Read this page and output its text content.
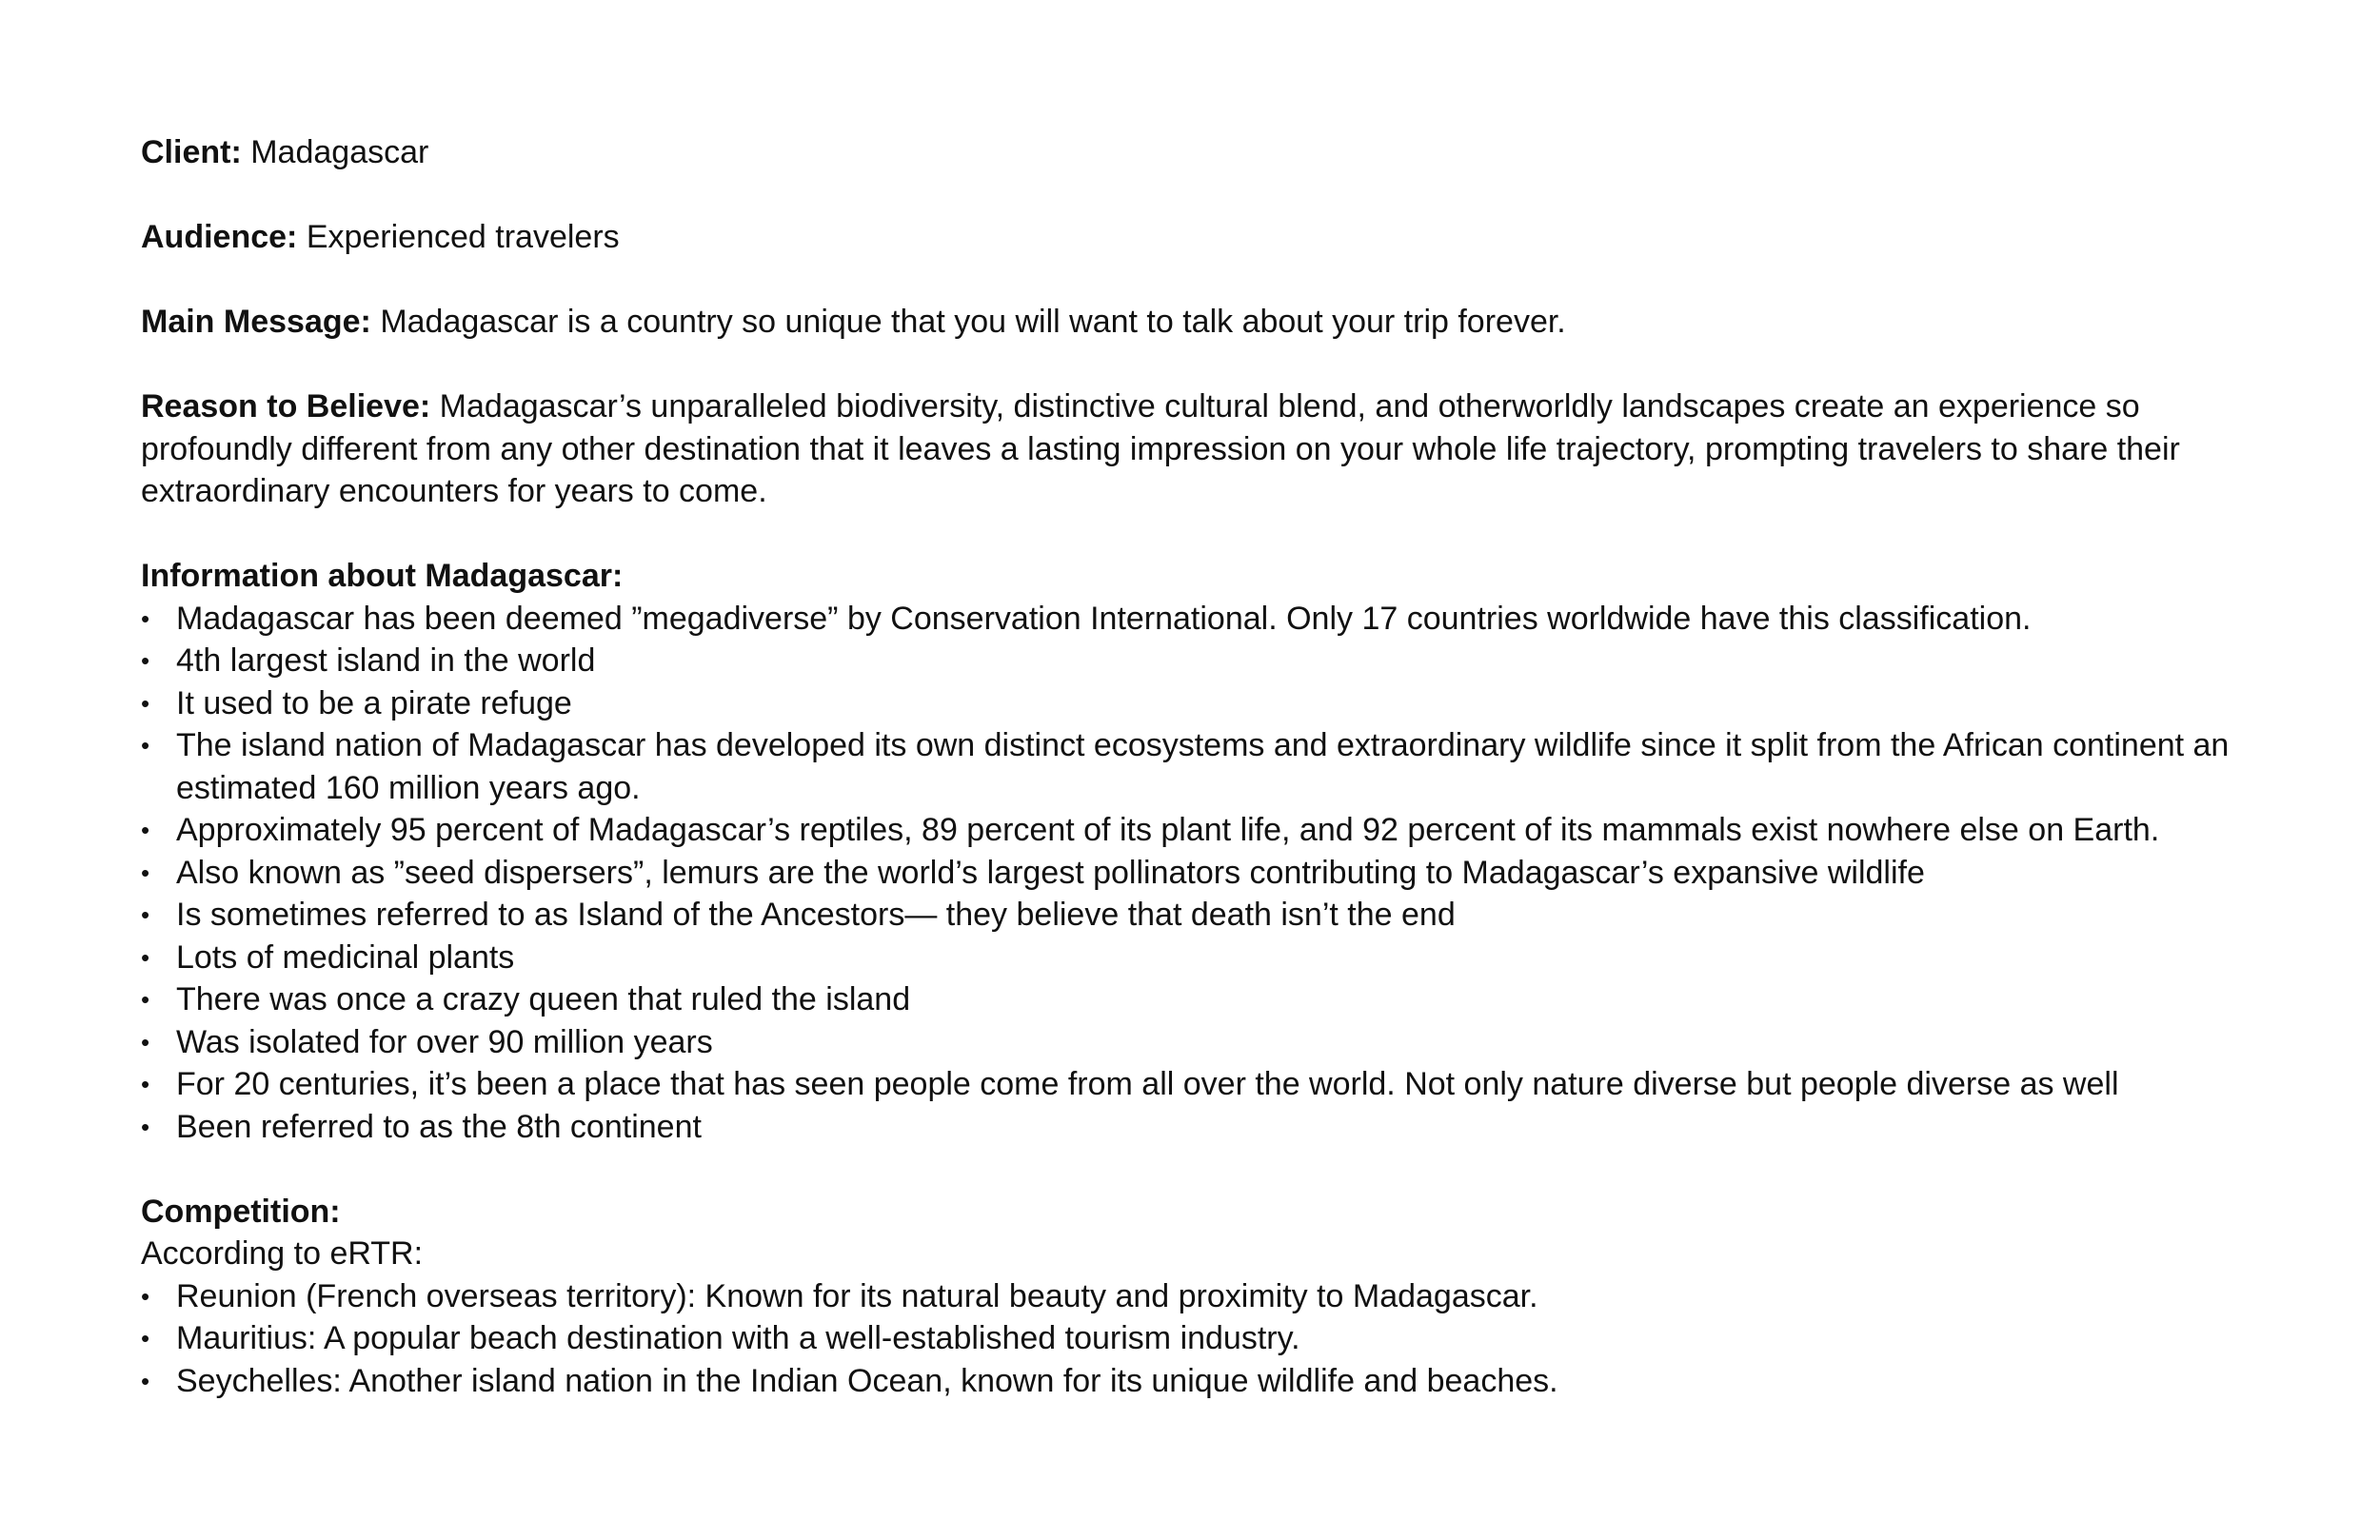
Client: Madagascar
Audience: Experienced travelers
Main Message: Madagascar is a country so unique that you will want to talk about your trip forever.
Reason to Believe: Madagascar’s unparalleled biodiversity, distinctive cultural blend, and otherworldly landscapes create an experience so profoundly different from any other destination that it leaves a lasting impression on your whole life trajectory, prompting travelers to share their extraordinary encounters for years to come.
Information about Madagascar:
• Madagascar has been deemed ”megadiverse” by Conservation International. Only 17 countries worldwide have this classification.
• 4th largest island in the world
• It used to be a pirate refuge
• The island nation of Madagascar has developed its own distinct ecosystems and extraordinary wildlife since it split from the African continent an estimated 160 million years ago.
• Approximately 95 percent of Madagascar’s reptiles, 89 percent of its plant life, and 92 percent of its mammals exist nowhere else on Earth.
• Also known as ”seed dispersers”, lemurs are the world’s largest pollinators contributing to Madagascar’s expansive wildlife
• Is sometimes referred to as Island of the Ancestors— they believe that death isn’t the end
• Lots of medicinal plants
• There was once a crazy queen that ruled the island
• Was isolated for over 90 million years
• For 20 centuries, it’s been a place that has seen people come from all over the world. Not only nature diverse but people diverse as well
• Been referred to as the 8th continent
Competition:
According to eRTR:
• Reunion (French overseas territory): Known for its natural beauty and proximity to Madagascar.
• Mauritius: A popular beach destination with a well-established tourism industry.
• Seychelles: Another island nation in the Indian Ocean, known for its unique wildlife and beaches.
